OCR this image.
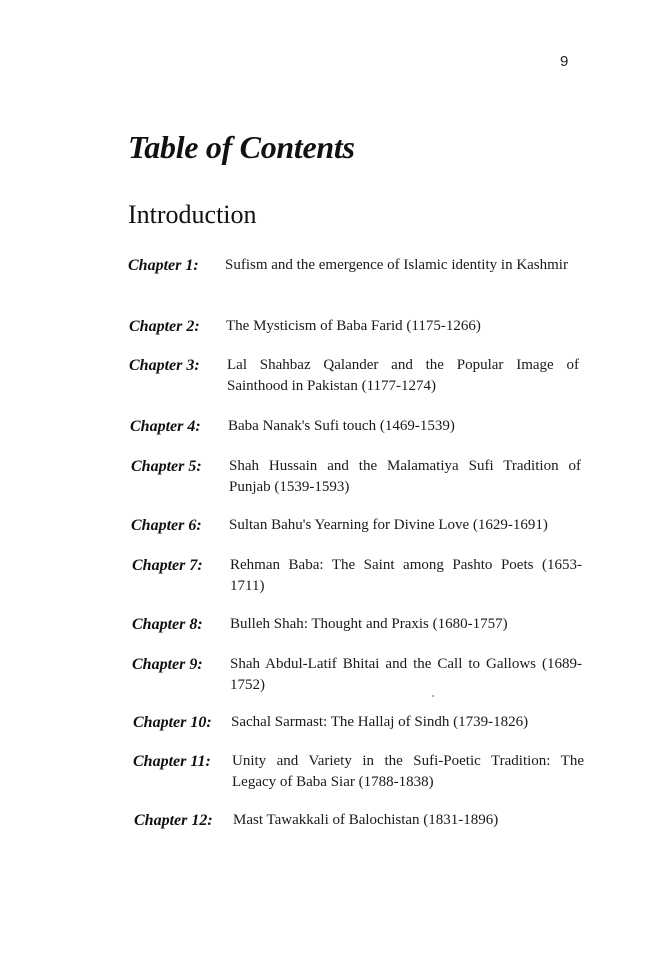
9
Table of Contents
Introduction
Chapter 1: Sufism and the emergence of Islamic identity in Kashmir
Chapter 2: The Mysticism of Baba Farid (1175-1266)
Chapter 3: Lal Shahbaz Qalander and the Popular Image of Sainthood in Pakistan (1177-1274)
Chapter 4: Baba Nanak's Sufi touch (1469-1539)
Chapter 5: Shah Hussain and the Malamatiya Sufi Tradition of Punjab (1539-1593)
Chapter 6: Sultan Bahu's Yearning for Divine Love (1629-1691)
Chapter 7: Rehman Baba: The Saint among Pashto Poets (1653-1711)
Chapter 8: Bulleh Shah: Thought and Praxis (1680-1757)
Chapter 9: Shah Abdul-Latif Bhitai and the Call to Gallows (1689-1752)
Chapter 10: Sachal Sarmast: The Hallaj of Sindh (1739-1826)
Chapter 11: Unity and Variety in the Sufi-Poetic Tradition: The Legacy of Baba Siar (1788-1838)
Chapter 12: Mast Tawakkali of Balochistan (1831-1896)
